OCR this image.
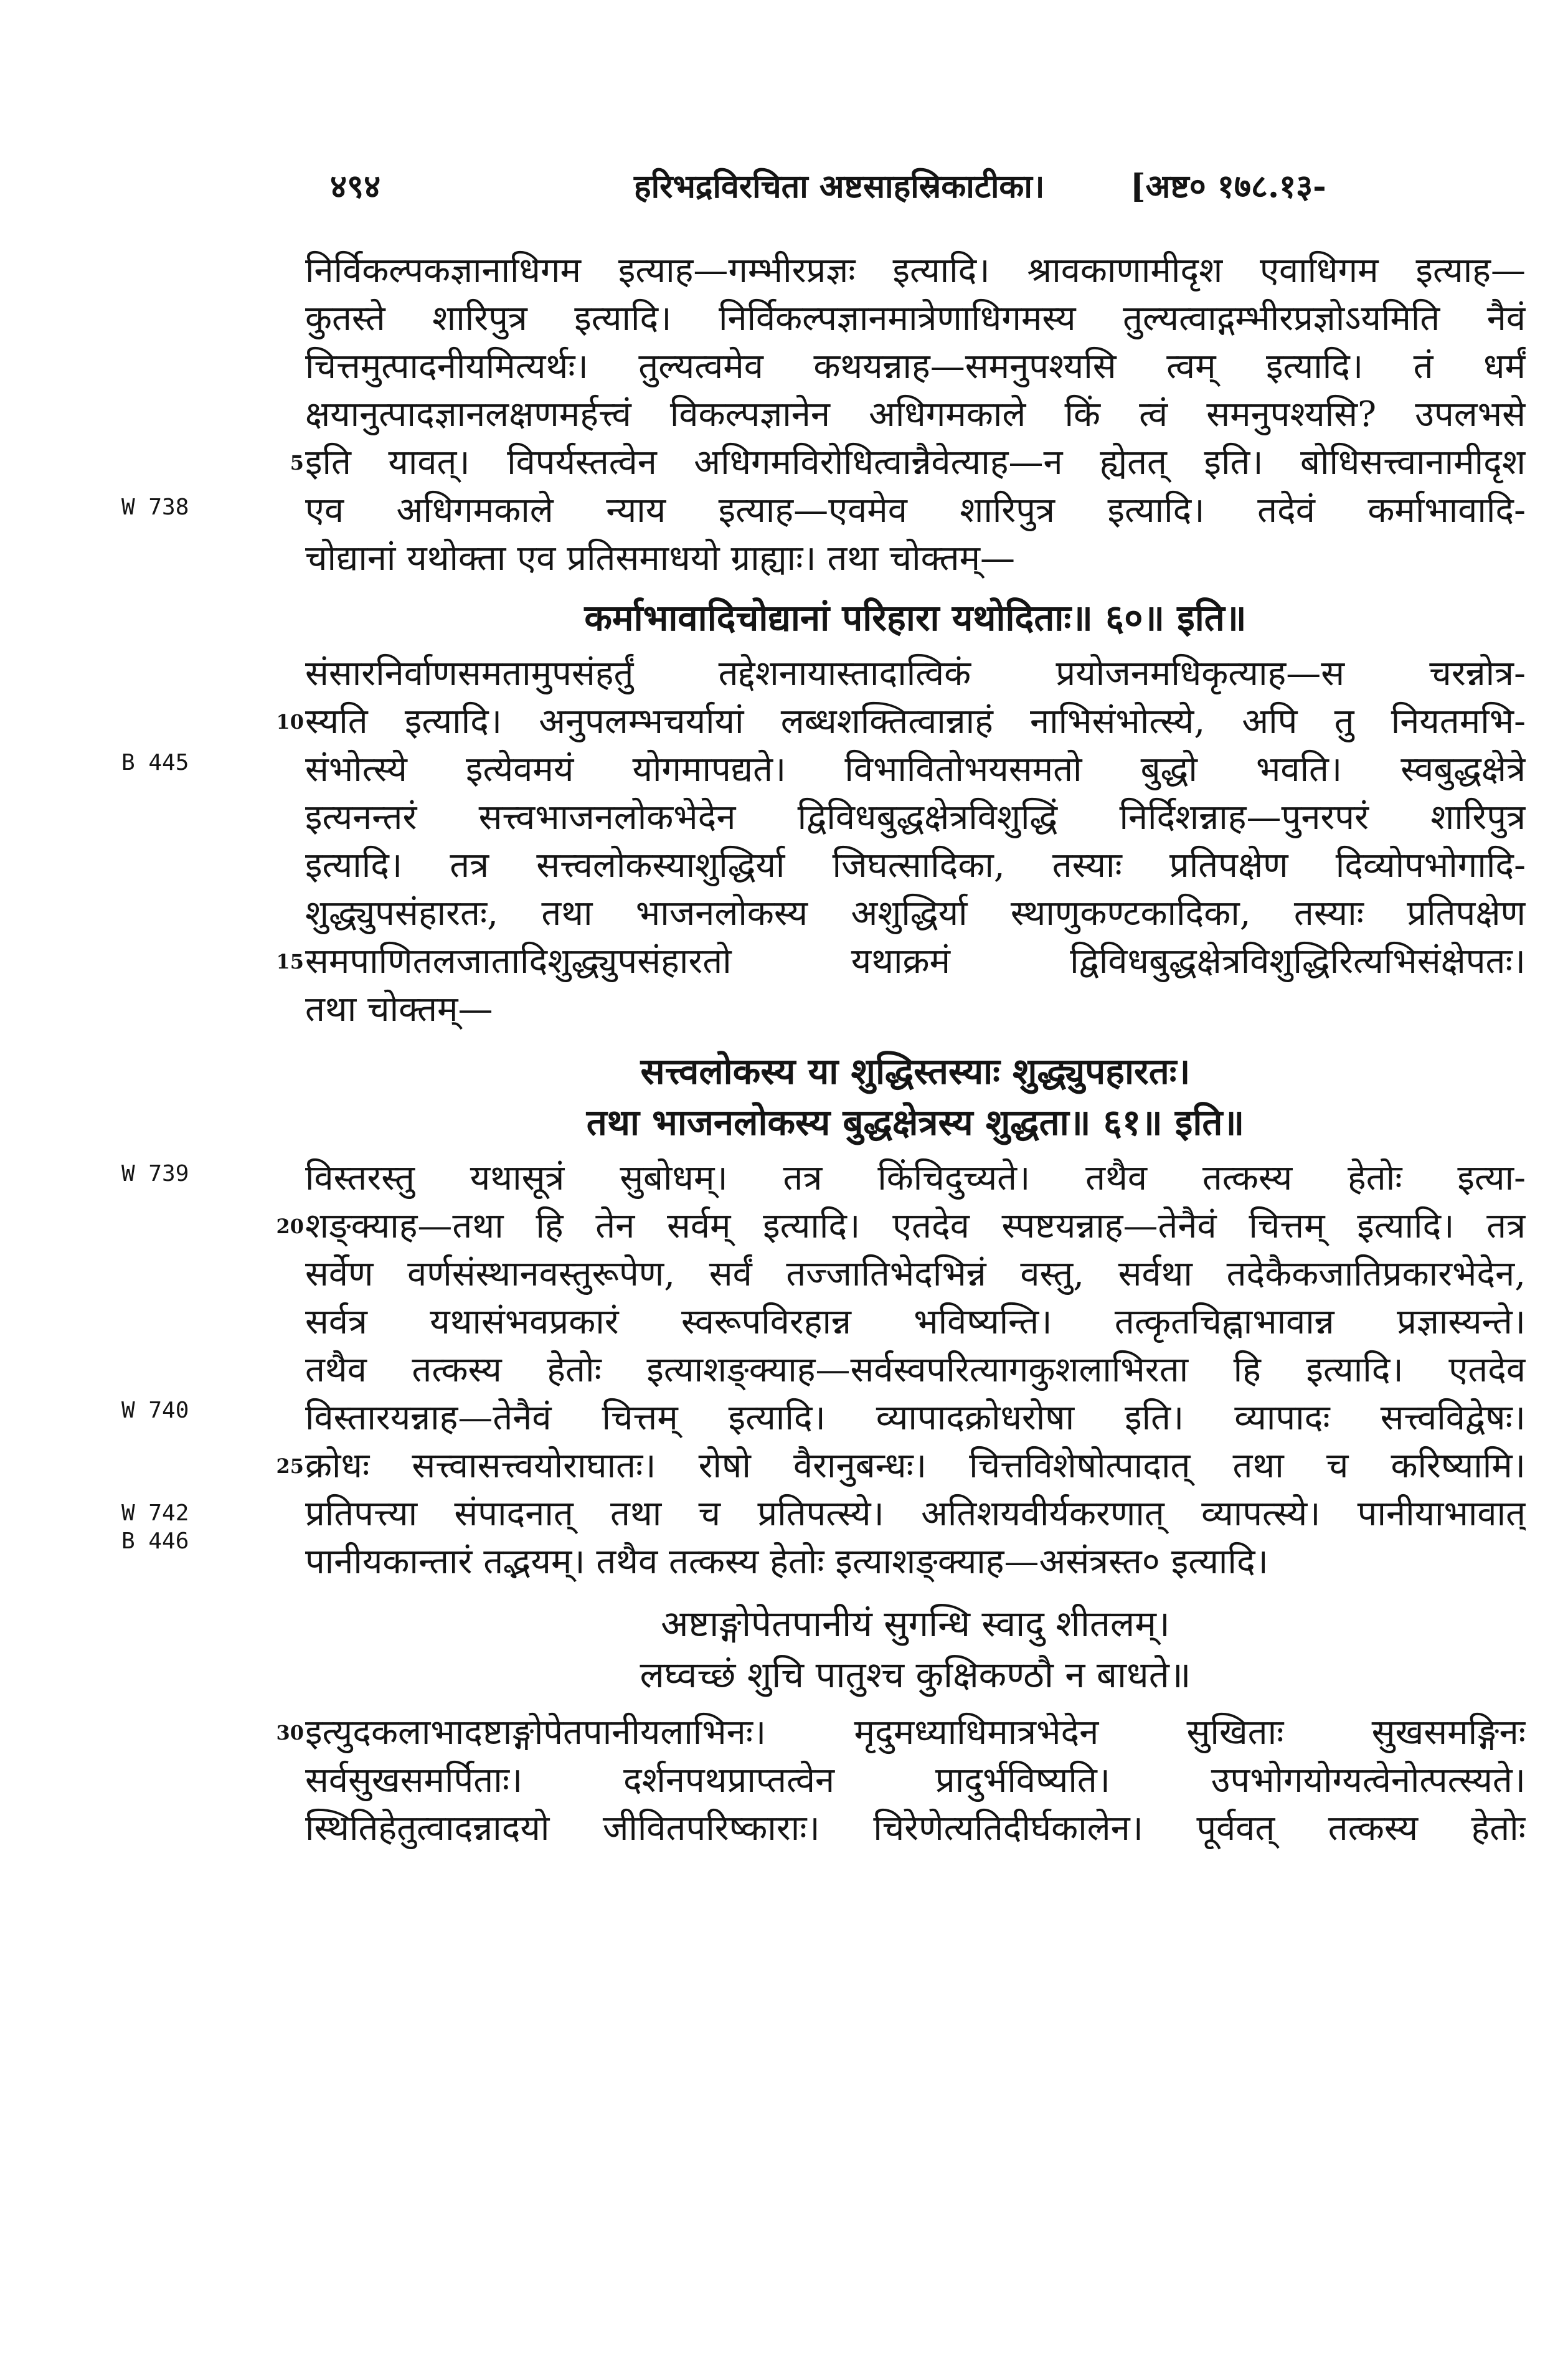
४९४	हरिभद्रविरचिता अष्टसाहस्रिकाटीका।	[अष्ट० १७८.१३-
निर्विकल्पकज्ञानाधिगम इत्याह—गम्भीरप्रज्ञः इत्यादि। श्रावकाणामीदृश एवाधिगम इत्याह—
कुतस्ते शारिपुत्र इत्यादि। निर्विकल्पज्ञानमात्रेणाधिगमस्य तुल्यत्वाद्गम्भीरप्रज्ञोऽयमिति नैवं
चित्तमुत्पादनीयमित्यर्थः। तुल्यत्वमेव कथयन्नाह—समनुपश्यसि त्वम् इत्यादि। तं धर्मं
क्षयानुत्पादज्ञानलक्षणमर्हत्त्वं विकल्पज्ञानेन अधिगमकाले किं त्वं समनुपश्यसि? उपलभसे
इति यावत्। विपर्यस्तत्वेन अधिगमविरोधित्वान्नैवेत्याह—न ह्येतत् इति। बोधिसत्त्वानामीदृश
एव अधिगमकाले न्याय इत्याह—एवमेव शारिपुत्र इत्यादि। तदेवं कर्माभावादि-
चोद्यानां यथोक्ता एव प्रतिसमाधयो ग्राह्याः। तथा चोक्तम्—
कर्माभावादिचोद्यानां परिहारा यथोदिताः॥ ६०॥ इति॥
संसारनिर्वाणसमतामुपसंहर्तुं तद्देशनायास्तादात्विकं प्रयोजनमधिकृत्याह—स चरन्नोत्र-
स्यति इत्यादि। अनुपलम्भचर्यायां लब्धशक्तित्वान्नाहं नाभिसंभोत्स्ये, अपि तु नियतमभि-
संभोत्स्ये इत्येवमयं योगमापद्यते। विभावितोभयसमतो बुद्धो भवति। स्वबुद्धक्षेत्रे
इत्यनन्तरं सत्त्वभाजनलोकभेदेन द्विविधबुद्धक्षेत्रविशुद्धिं निर्दिशन्नाह—पुनरपरं शारिपुत्र
इत्यादि। तत्र सत्त्वलोकस्याशुद्धिर्या जिघत्सादिका, तस्याः प्रतिपक्षेण दिव्योपभोगादि-
शुद्ध्युपसंहारतः, तथा भाजनलोकस्य अशुद्धिर्या स्थाणुकण्टकादिका, तस्याः प्रतिपक्षेण
समपाणितलजातादिशुद्ध्युपसंहारतो यथाक्रमं द्विविधबुद्धक्षेत्रविशुद्धिरित्यभिसंक्षेपतः।
तथा चोक्तम्—
सत्त्वलोकस्य या शुद्धिस्तस्याः शुद्ध्युपहारतः।
तथा भाजनलोकस्य बुद्धक्षेत्रस्य शुद्धता॥ ६१॥ इति॥
विस्तरस्तु यथासूत्रं सुबोधम्। तत्र किंचिदुच्यते। तथैव तत्कस्य हेतोः इत्या-
शङ्क्याह—तथा हि तेन सर्वम् इत्यादि। एतदेव स्पष्टयन्नाह—तेनैवं चित्तम् इत्यादि। तत्र
सर्वेण वर्णसंस्थानवस्तुरूपेण, सर्वं तज्जातिभेदभिन्नं वस्तु, सर्वथा तदेकैकजातिप्रकारभेदेन,
सर्वत्र यथासंभवप्रकारं स्वरूपविरहान्न भविष्यन्ति। तत्कृतचिह्नाभावान्न प्रज्ञास्यन्ते।
तथैव तत्कस्य हेतोः इत्याशङ्क्याह—सर्वस्वपरित्यागकुशलाभिरता हि इत्यादि। एतदेव
विस्तारयन्नाह—तेनैवं चित्तम् इत्यादि। व्यापादक्रोधरोषा इति। व्यापादः सत्त्वविद्वेषः।
क्रोधः सत्त्वासत्त्वयोराघातः। रोषो वैरानुबन्धः। चित्तविशेषोत्पादात् तथा च करिष्यामि।
प्रतिपत्त्या संपादनात् तथा च प्रतिपत्स्ये। अतिशयवीर्यकरणात् व्यापत्स्ये। पानीयाभावात्
पानीयकान्तारं तद्भयम्। तथैव तत्कस्य हेतोः इत्याशङ्क्याह—असंत्रस्त० इत्यादि।
अष्टाङ्गोपेतपानीयं सुगन्धि स्वादु शीतलम्।
लघ्वच्छं शुचि पातुश्च कुक्षिकण्ठौ न बाधते॥
इत्युदकलाभादष्टाङ्गोपेतपानीयलाभिनः। मृदुमध्याधिमात्रभेदेन सुखिताः सुखसमङ्गिनः
सर्वसुखसमर्पिताः। दर्शनपथप्राप्तत्वेन प्रादुर्भविष्यति। उपभोगयोग्यत्वेनोत्पत्स्यते।
स्थितिहेतुत्वादन्नादयो जीवितपरिष्काराः। चिरेणेत्यतिदीर्घकालेन। पूर्ववत् तत्कस्य हेतोः
5
10
15
20
25
30
W 738
B 445
W 739
W 740
W 742
B 446
